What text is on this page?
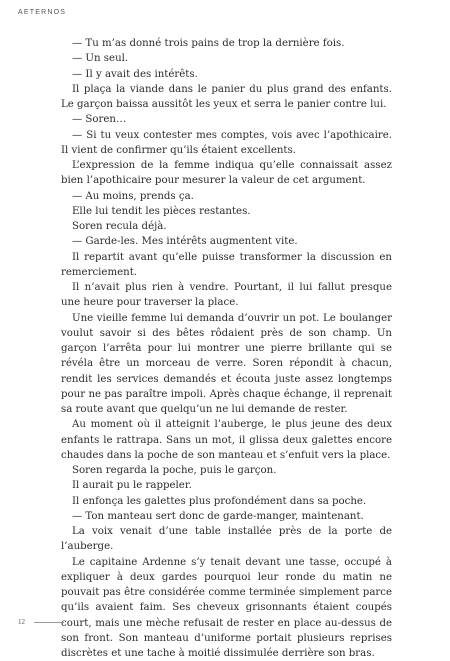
AETERNOS

— Tu m’as donné trois pains de trop la dernière fois.

— Un seul.

— Il y avait des intérêts.

Il plaça la viande dans le panier du plus grand des enfants. Le garçon baissa aussitôt les yeux et serra le panier contre lui.

— Soren…

— Si tu veux contester mes comptes, vois avec l’apothicaire. Il vient de confirmer qu’ils étaient excellents.

L’expression de la femme indiqua qu’elle connaissait assez bien l’apothicaire pour mesurer la valeur de cet argument.

— Au moins, prends ça.

Elle lui tendit les pièces restantes.

Soren recula déjà.

— Garde-les. Mes intérêts augmentent vite.

Il repartit avant qu’elle puisse transformer la discussion en remerciement.

Il n’avait plus rien à vendre. Pourtant, il lui fallut presque une heure pour traverser la place.

Une vieille femme lui demanda d’ouvrir un pot. Le boulanger voulut savoir si des bêtes rôdaient près de son champ. Un garçon l’arrêta pour lui montrer une pierre brillante qui se révéla être un morceau de verre. Soren répondit à chacun, rendit les services demandés et écouta juste assez longtemps pour ne pas paraître impoli. Après chaque échange, il reprenait sa route avant que quelqu’un ne lui demande de rester.

Au moment où il atteignit l’auberge, le plus jeune des deux enfants le rattrapa. Sans un mot, il glissa deux galettes encore chaudes dans la poche de son manteau et s’enfuit vers la place.

Soren regarda la poche, puis le garçon.

Il aurait pu le rappeler.

Il enfonça les galettes plus profondément dans sa poche.

— Ton manteau sert donc de garde-manger, maintenant.

La voix venait d’une table installée près de la porte de l’auberge.

Le capitaine Ardenne s’y tenait devant une tasse, occupé à expliquer à deux gardes pourquoi leur ronde du matin ne pouvait pas être considérée comme terminée simplement parce qu’ils avaient faim. Ses cheveux grisonnants étaient coupés court, mais une mèche refusait de rester en place au-dessus de son front. Son manteau d’uniforme portait plusieurs reprises discrètes et une tache à moitié dissimulée derrière son bras.

12
